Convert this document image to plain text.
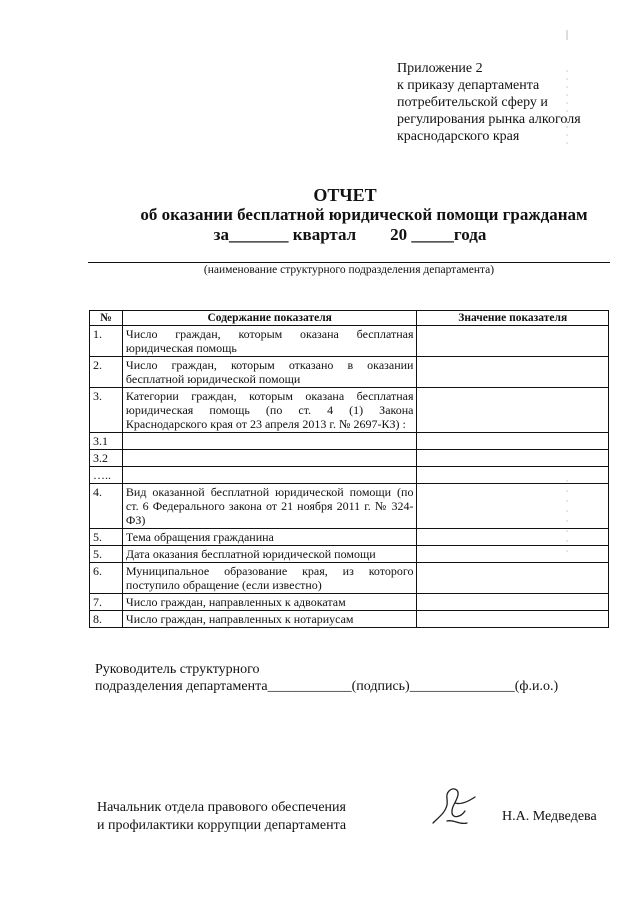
Приложение 2
к приказу департамента
потребительской сферу и
регулирования рынка алкоголя
краснодарского края
ОТЧЕТ
об оказании бесплатной юридической помощи гражданам
за_______ квартал        20 _____года
(наименование структурного подразделения департамента)
№	Содержание показателя	Значение показателя
1.	Число граждан, которым оказана бесплатная юридическая помощь	
2.	Число граждан, которым отказано в оказании бесплатной юридической помощи	
3.	Категории граждан, которым оказана бесплатная юридическая помощь (по ст. 4 (1) Закона Краснодарского края от 23 апреля 2013 г. № 2697-КЗ) :	
3.1		
3.2		
…..		
4.	Вид оказанной бесплатной юридической помощи (по ст. 6 Федерального закона от 21 ноября 2011 г. № 324-ФЗ)	
5.	Тема обращения гражданина	
5.	Дата оказания бесплатной юридической помощи	
6.	Муниципальное образование края, из которого поступило обращение (если известно)	
7.	Число граждан, направленных к адвокатам	
8.	Число граждан, направленных к нотариусам	
Руководитель структурного
подразделения департамента____________(подпись)_______________(ф.и.о.)
Начальник отдела правового обеспечения
и профилактики коррупции департамента
Н.А. Медведева
